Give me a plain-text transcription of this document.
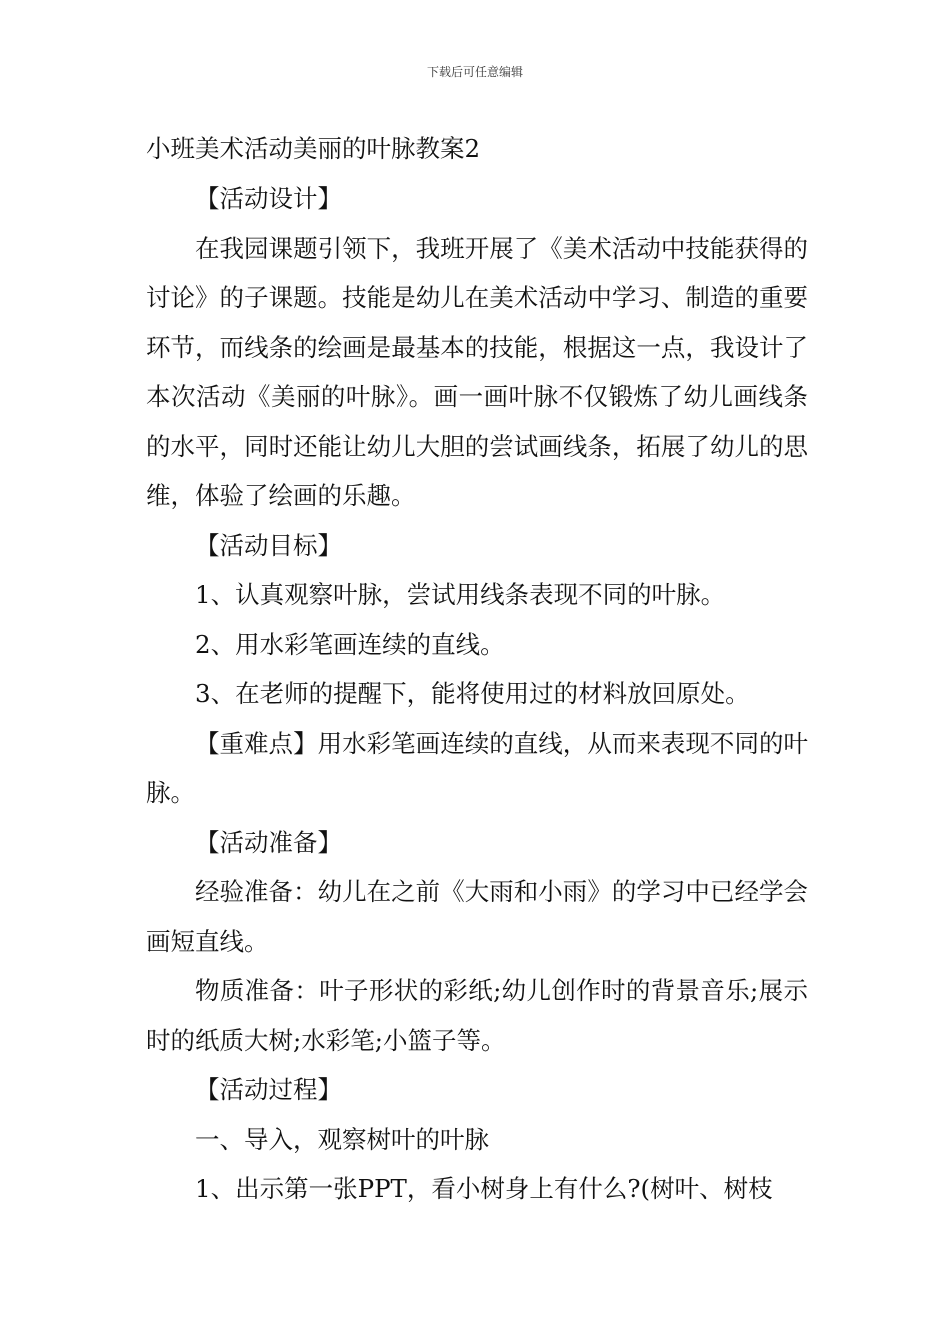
下载后可任意编辑
小班美术活动美丽的叶脉教案2

【活动设计】

在我园课题引领下，我班开展了《美术活动中技能获得的讨论》的子课题。技能是幼儿在美术活动中学习、制造的重要环节，而线条的绘画是最基本的技能，根据这一点，我设计了本次活动《美丽的叶脉》。画一画叶脉不仅锻炼了幼儿画线条的水平，同时还能让幼儿大胆的尝试画线条，拓展了幼儿的思维，体验了绘画的乐趣。

【活动目标】

1、认真观察叶脉，尝试用线条表现不同的叶脉。

2、用水彩笔画连续的直线。

3、在老师的提醒下，能将使用过的材料放回原处。

【重难点】用水彩笔画连续的直线，从而来表现不同的叶脉。

【活动准备】

经验准备：幼儿在之前《大雨和小雨》的学习中已经学会画短直线。

物质准备：叶子形状的彩纸;幼儿创作时的背景音乐;展示时的纸质大树;水彩笔;小篮子等。

【活动过程】

一、导入，观察树叶的叶脉

1、出示第一张PPT，看小树身上有什么?(树叶、树枝
